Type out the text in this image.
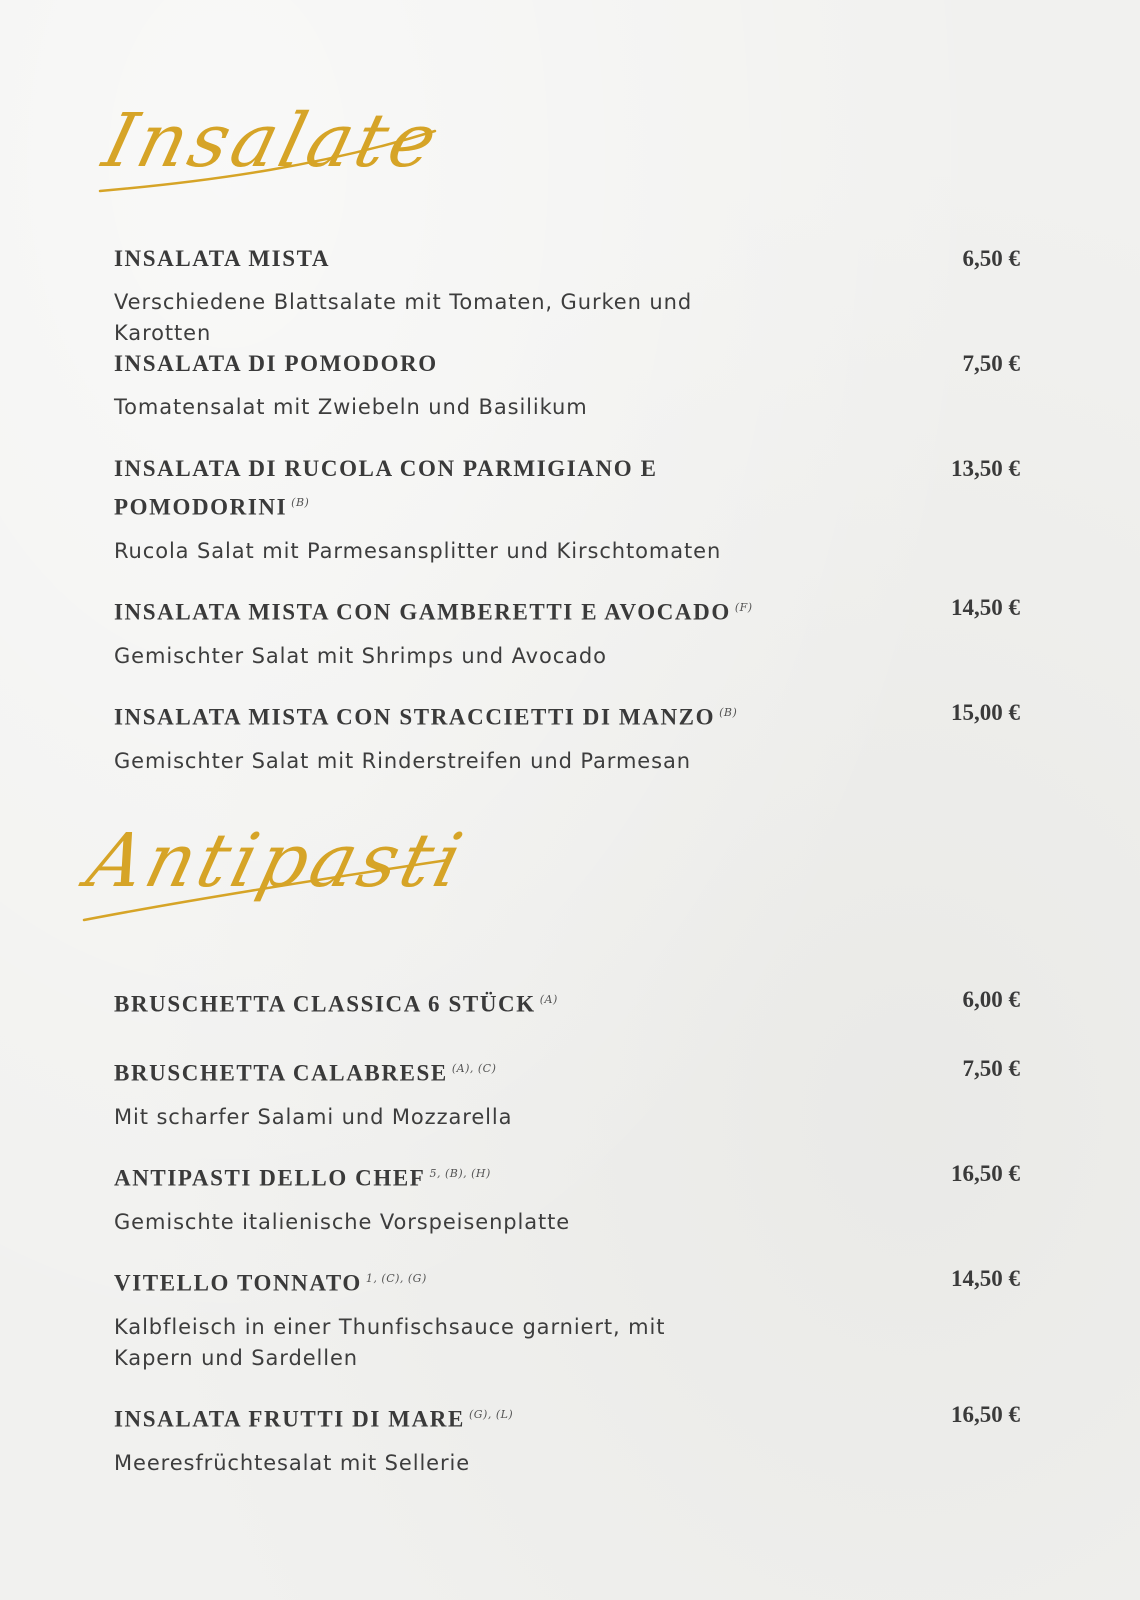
Insalate
INSALATA MISTA	6,50 €
Verschiedene Blattsalate mit Tomaten, Gurken und Karotten
INSALATA DI POMODORO	7,50 €
Tomatensalat mit Zwiebeln und Basilikum
INSALATA DI RUCOLA CON PARMIGIANO E POMODORINI $^{(B)}$
13,50 €
Rucola Salat mit Parmesansplitter und Kirschtomaten
INSALATA MISTA CON GAMBERETTI E AVOCADO $^{(F)}$	14,50 €
Gemischter Salat mit Shrimps und Avocado
INSALATA MISTA CON STRACCIETTI DI MANZO $^{(B)}$	15,00 €
Gemischter Salat mit Rinderstreifen und Parmesan
Antipasti
BRUSCHETTA CLASSICA 6 STÜCK $^{(A)}$	6,00 €
BRUSCHETTA CALABRESE $^{(A), (C)}$	7,50 €
Mit scharfer Salami und Mozzarella
ANTIPASTI DELLO CHEF $^{5, (B), (H)}$	16,50 €
Gemischte italienische Vorspeisenplatte
VITELLO TONNATO $^{1, (C), (G)}$	14,50 €
Kalbfleisch in einer Thunfischsauce garniert, mit Kapern und Sardellen
INSALATA FRUTTI DI MARE $^{(G), (L)}$	16,50 €
Meeresfrüchtesalat mit Sellerie
